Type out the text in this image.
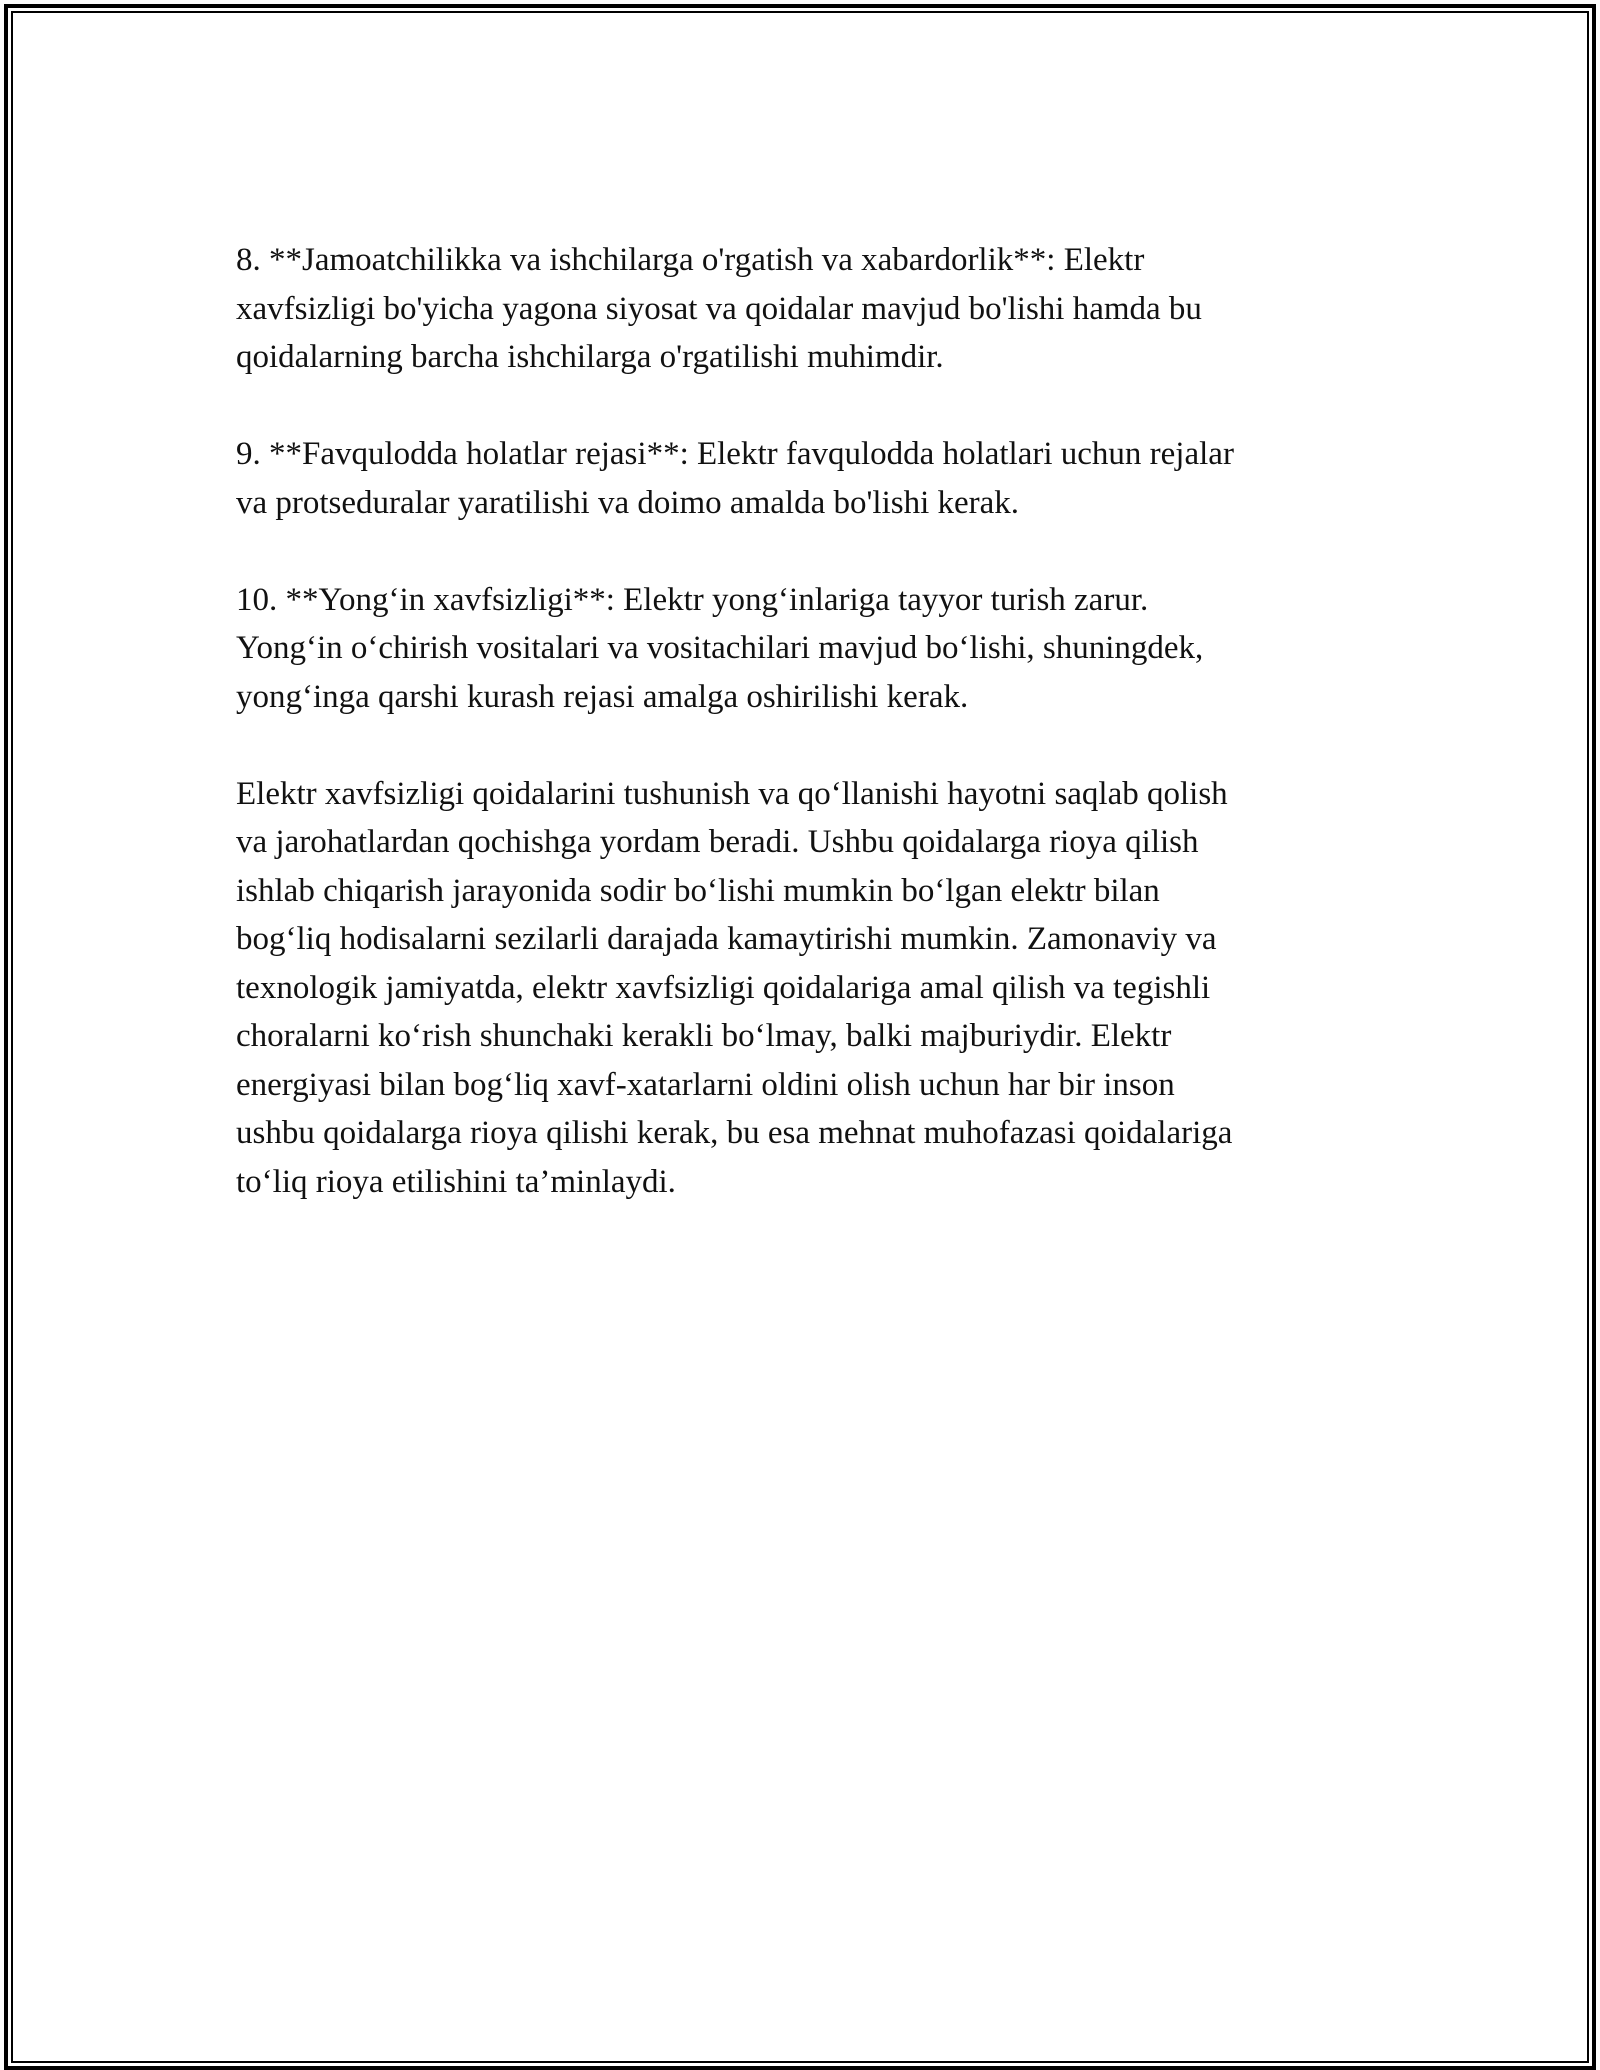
8. **Jamoatchilikka va ishchilarga o'rgatish va xabardorlik**: Elektr
xavfsizligi bo'yicha yagona siyosat va qoidalar mavjud bo'lishi hamda bu
qoidalarning barcha ishchilarga o'rgatilishi muhimdir.

9. **Favqulodda holatlar rejasi**: Elektr favqulodda holatlari uchun rejalar
va protseduralar yaratilishi va doimo amalda bo'lishi kerak.

10. **Yong‘in xavfsizligi**: Elektr yong‘inlariga tayyor turish zarur.
Yong‘in o‘chirish vositalari va vositachilari mavjud bo‘lishi, shuningdek,
yong‘inga qarshi kurash rejasi amalga oshirilishi kerak.

Elektr xavfsizligi qoidalarini tushunish va qo‘llanishi hayotni saqlab qolish
va jarohatlardan qochishga yordam beradi. Ushbu qoidalarga rioya qilish
ishlab chiqarish jarayonida sodir bo‘lishi mumkin bo‘lgan elektr bilan
bog‘liq hodisalarni sezilarli darajada kamaytirishi mumkin. Zamonaviy va
texnologik jamiyatda, elektr xavfsizligi qoidalariga amal qilish va tegishli
choralarni ko‘rish shunchaki kerakli bo‘lmay, balki majburiydir. Elektr
energiyasi bilan bog‘liq xavf-xatarlarni oldini olish uchun har bir inson
ushbu qoidalarga rioya qilishi kerak, bu esa mehnat muhofazasi qoidalariga
to‘liq rioya etilishini ta’minlaydi.
